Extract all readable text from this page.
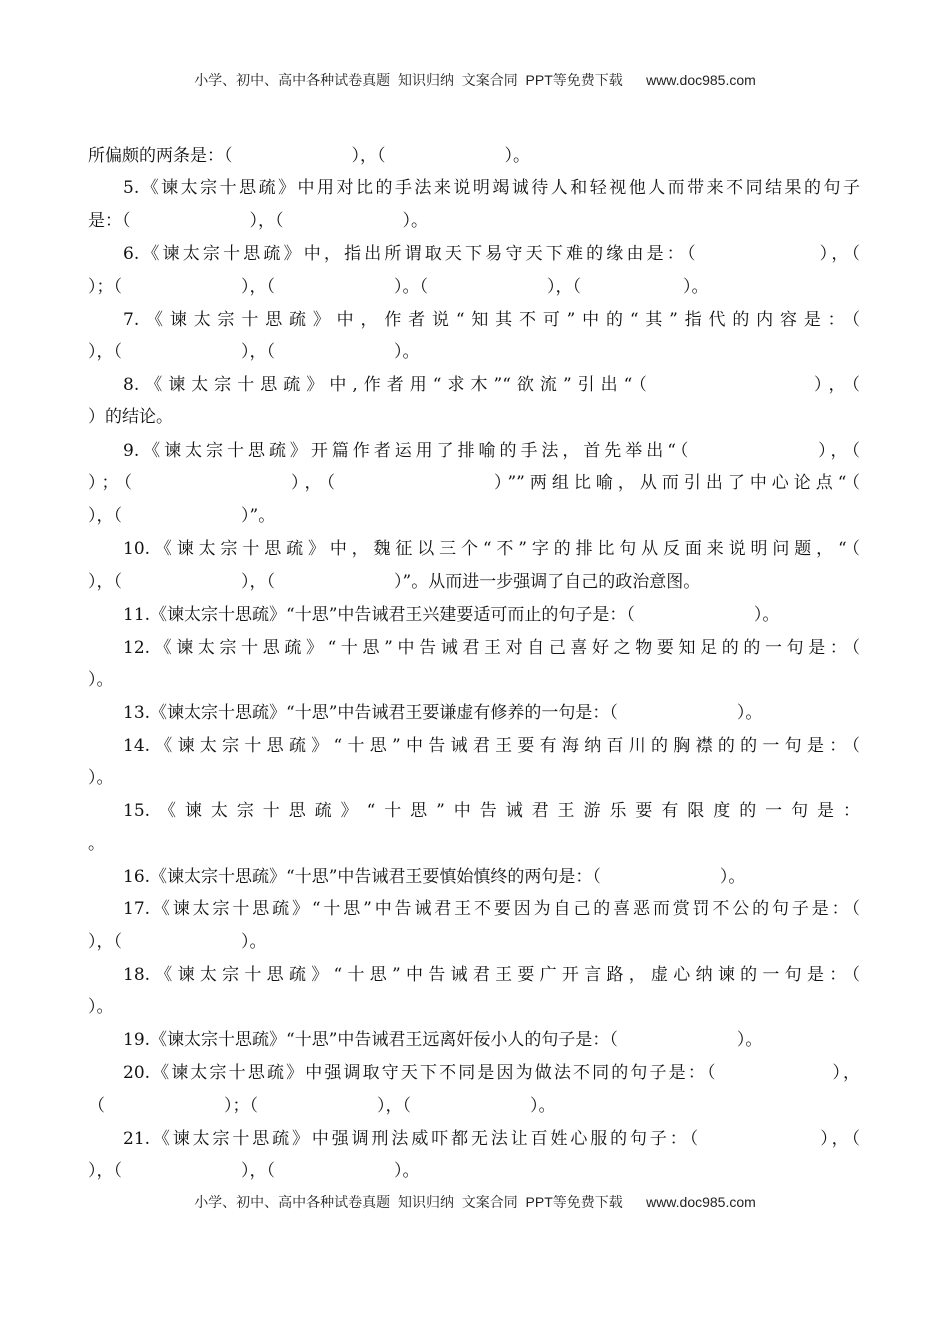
小学、初中、高中各种试卷真题  知识归纳  文案合同  PPT等免费下载      www.doc985.com
所偏颇的两条是：（　　　　　　　），（　　　　　　　）。
5.《谏太宗十思疏》中用对比的手法来说明竭诚待人和轻视他人而带来不同结果的句子
是：（　　　　　　　），（　　　　　　　）。
6.《谏太宗十思疏》中，指出所谓取天下易守天下难的缘由是：（　　　　　　），（
）；（　　　　　　　），（　　　　　　　）。（　　　　　　　），（　　　　　　）。
7.《谏太宗十思疏》中，作者说“知其不可”中的“其”指代的内容是：（
），（　　　　　　　），（　　　　　　　）。
8.《谏太宗十思疏》中,作者用“求木”“欲流”引出“（　　　　　　　），（
）的结论。
9.《谏太宗十思疏》开篇作者运用了排喻的手法，首先举出“（　　　　　　），（
）；（　　　　　　　），（　　　　　　　）””两组比喻，从而引出了中心论点“（
），（　　　　　　　）”。
10.《谏太宗十思疏》中，魏征以三个“不”字的排比句从反面来说明问题，“（
），（　　　　　　　），（　　　　　　　）”。从而进一步强调了自己的政治意图。
11.《谏太宗十思疏》“十思”中告诫君王兴建要适可而止的句子是：（　　　　　　　）。
12.《谏太宗十思疏》“十思”中告诫君王对自己喜好之物要知足的的一句是：（
）。
13.《谏太宗十思疏》“十思”中告诫君王要谦虚有修养的一句是：（　　　　　　　）。
14.《谏太宗十思疏》“十思”中告诫君王要有海纳百川的胸襟的的一句是：（
）。
15.《谏太宗十思疏》“十思”中告诫君王游乐要有限度的一句是：
。
16.《谏太宗十思疏》“十思”中告诫君王要慎始慎终的两句是：（　　　　　　　）。
17.《谏太宗十思疏》“十思”中告诫君王不要因为自己的喜恶而赏罚不公的句子是：（
），（　　　　　　　）。
18.《谏太宗十思疏》“十思”中告诫君王要广开言路，虚心纳谏的一句是：（
）。
19.《谏太宗十思疏》“十思”中告诫君王远离奸佞小人的句子是：（　　　　　　　）。
20.《谏太宗十思疏》中强调取守天下不同是因为做法不同的句子是：（　　　　　　），
（　　　　　　　）；（　　　　　　　），（　　　　　　　）。
21.《谏太宗十思疏》中强调刑法威吓都无法让百姓心服的句子：（　　　　　　），（
），（　　　　　　　），（　　　　　　　）。
小学、初中、高中各种试卷真题  知识归纳  文案合同  PPT等免费下载      www.doc985.com
